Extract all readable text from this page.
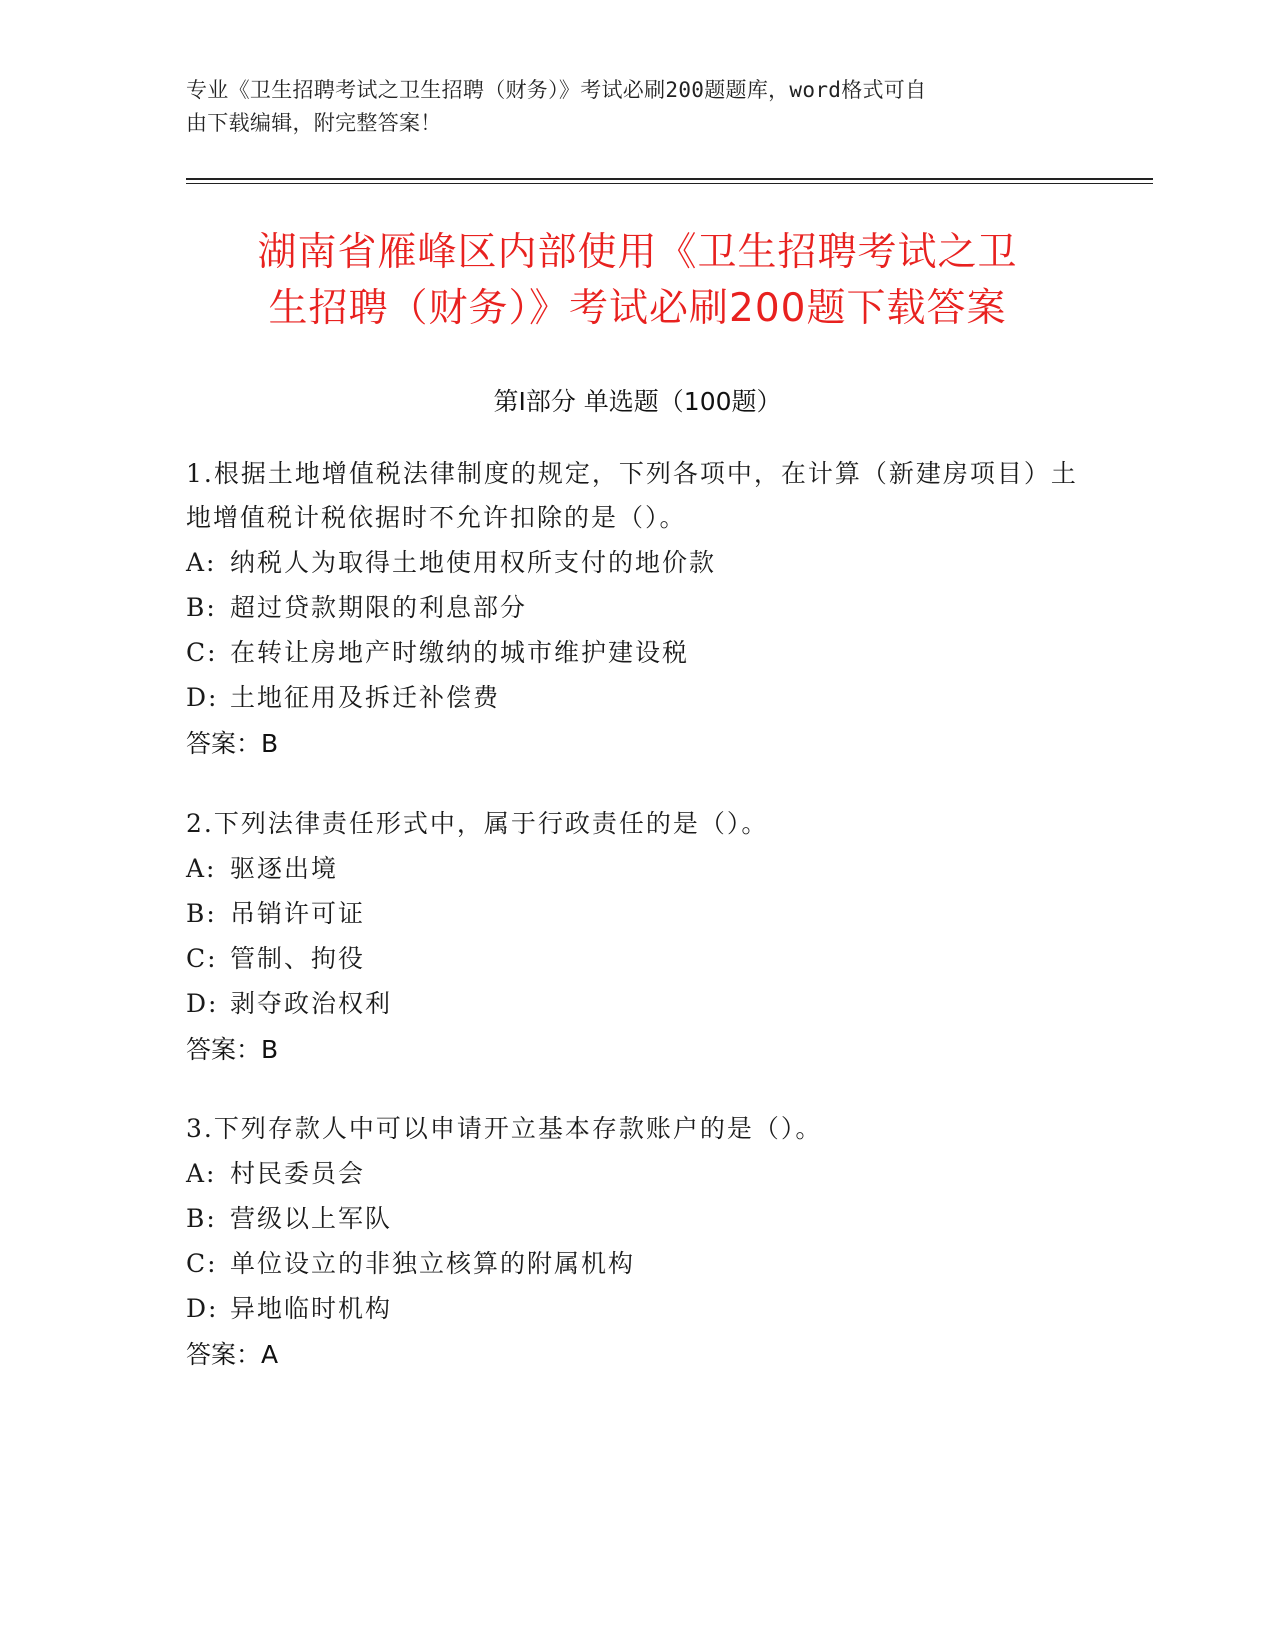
专业《卫生招聘考试之卫生招聘（财务）》考试必刷200题题库，word格式可自
由下载编辑，附完整答案！
湖南省雁峰区内部使用《卫生招聘考试之卫
生招聘（财务）》考试必刷200题下载答案
第Ⅰ部分 单选题（100题）
1.根据土地增值税法律制度的规定，下列各项中，在计算（新建房项目）土地增值税计税依据时不允许扣除的是（）。
A: 纳税人为取得土地使用权所支付的地价款
B: 超过贷款期限的利息部分
C: 在转让房地产时缴纳的城市维护建设税
D: 土地征用及拆迁补偿费
答案：B
2.下列法律责任形式中，属于行政责任的是（）。
A: 驱逐出境
B: 吊销许可证
C: 管制、拘役
D: 剥夺政治权利
答案：B
3.下列存款人中可以申请开立基本存款账户的是（）。
A: 村民委员会
B: 营级以上军队
C: 单位设立的非独立核算的附属机构
D: 异地临时机构
答案：A
